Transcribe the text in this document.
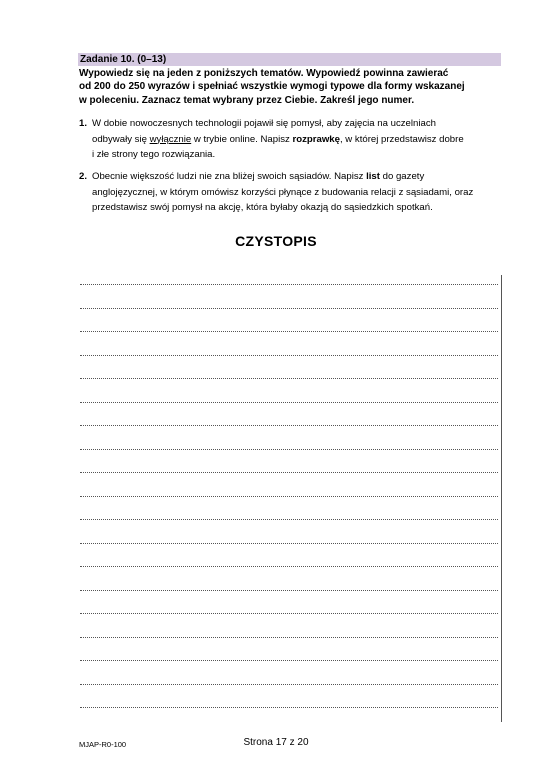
Zadanie 10. (0–13)
Wypowiedz się na jeden z poniższych tematów. Wypowiedź powinna zawierać
od 200 do 250 wyrazów i spełniać wszystkie wymogi typowe dla formy wskazanej
w poleceniu. Zaznacz temat wybrany przez Ciebie. Zakreśl jego numer.
1. W dobie nowoczesnych technologii pojawił się pomysł, aby zajęcia na uczelniach
odbywały się wyłącznie w trybie online. Napisz rozprawkę, w której przedstawisz dobre
i złe strony tego rozwiązania.
2. Obecnie większość ludzi nie zna bliżej swoich sąsiadów. Napisz list do gazety
anglojęzycznej, w którym omówisz korzyści płynące z budowania relacji z sąsiadami, oraz
przedstawisz swój pomysł na akcję, która byłaby okazją do sąsiedzkich spotkań.
CZYSTOPIS
MJAP-R0-100	Strona 17 z 20
